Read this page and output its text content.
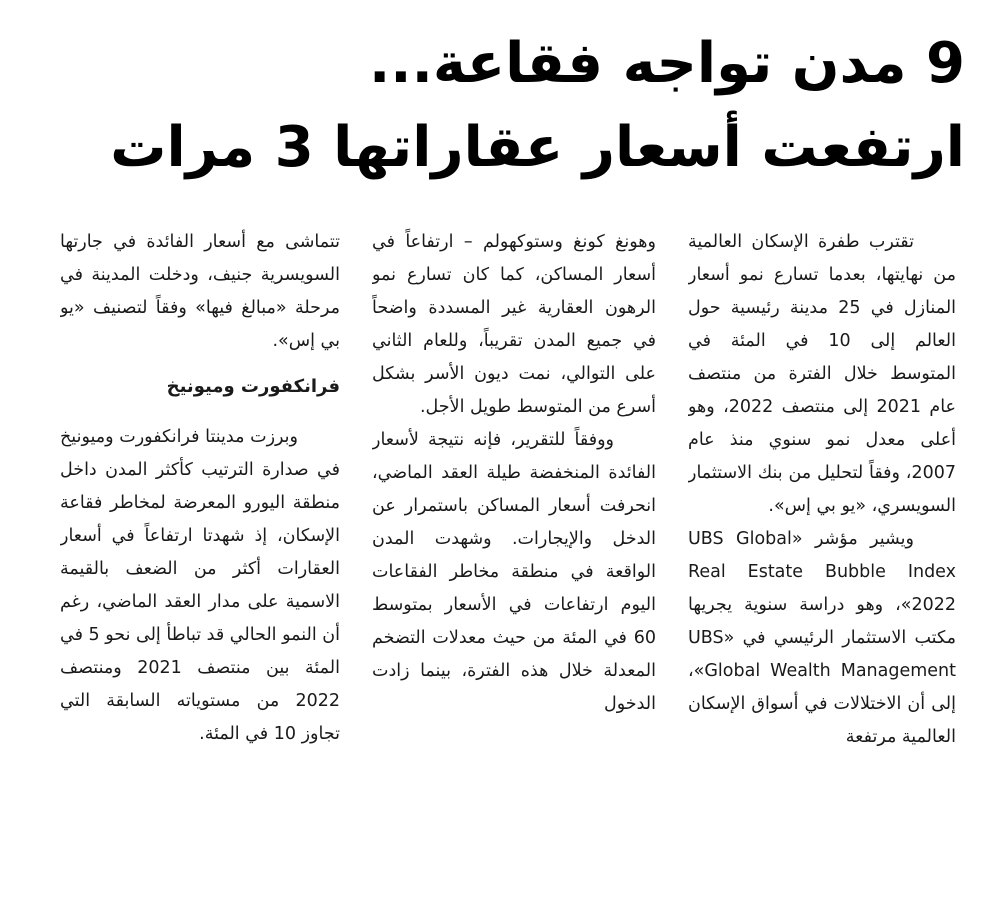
9 مدن تواجه فقاعة...
ارتفعت أسعار عقاراتها 3 مرات

تقترب طفرة الإسكان العالمية من نهايتها، بعدما تسارع نمو أسعار المنازل في 25 مدينة رئيسية حول العالم إلى 10 في المئة في المتوسط خلال الفترة من منتصف عام 2021 إلى منتصف 2022، وهو أعلى معدل نمو سنوي منذ عام 2007، وفقاً لتحليل من بنك الاستثمار السويسري، «يو بي إس».

ويشير مؤشر «UBS Global Real Estate Bubble Index 2022»، وهو دراسة سنوية يجريها مكتب الاستثمار الرئيسي في «UBS Global Wealth Management»، إلى أن الاختلالات في أسواق الإسكان العالمية مرتفعة

وهونغ كونغ وستوكهولم – ارتفاعاً في أسعار المساكن، كما كان تسارع نمو الرهون العقارية غير المسددة واضحاً في جميع المدن تقريباً، وللعام الثاني على التوالي، نمت ديون الأسر بشكل أسرع من المتوسط طويل الأجل.

ووفقاً للتقرير، فإنه نتيجة لأسعار الفائدة المنخفضة طيلة العقد الماضي، انحرفت أسعار المساكن باستمرار عن الدخل والإيجارات. وشهدت المدن الواقعة في منطقة مخاطر الفقاعات اليوم ارتفاعات في الأسعار بمتوسط 60 في المئة من حيث معدلات التضخم المعدلة خلال هذه الفترة، بينما زادت الدخول

تتماشى مع أسعار الفائدة في جارتها السويسرية جنيف، ودخلت المدينة في مرحلة «مبالغ فيها» وفقاً لتصنيف «يو بي إس».

فرانكفورت وميونيخ

وبرزت مدينتا فرانكفورت وميونيخ في صدارة الترتيب كأكثر المدن داخل منطقة اليورو المعرضة لمخاطر فقاعة الإسكان، إذ شهدتا ارتفاعاً في أسعار العقارات أكثر من الضعف بالقيمة الاسمية على مدار العقد الماضي، رغم أن النمو الحالي قد تباطأ إلى نحو 5 في المئة بين منتصف 2021 ومنتصف 2022 من مستوياته السابقة التي تجاوز 10 في المئة.
